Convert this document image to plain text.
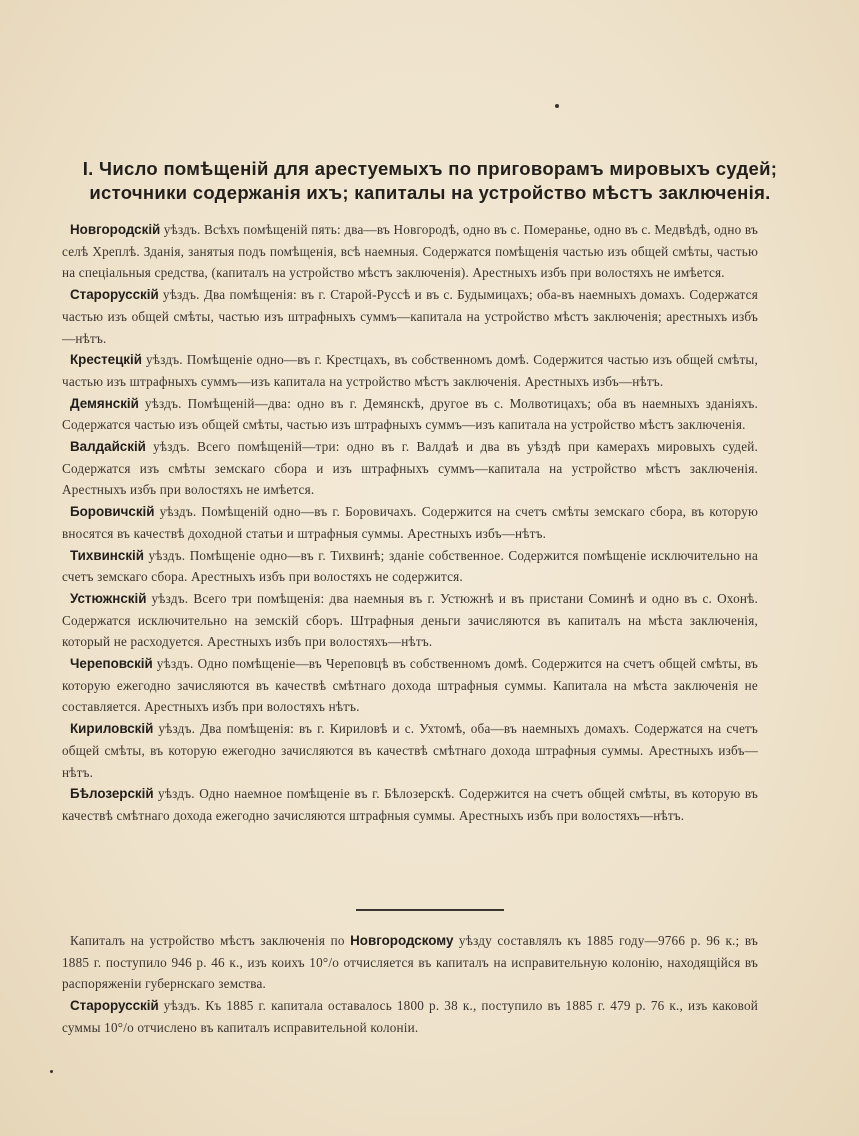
I. Число помѣщеній для арестуемыхъ по приговорамъ мировыхъ судей;
источники содержанія ихъ; капиталы на устройство мѣстъ заключенія.

Новгородскій уѣздъ. Всѣхъ помѣщеній пять: два—въ Новгородѣ, одно въ с. Померанье, одно въ с. Медвѣдѣ, одно въ селѣ Хреплѣ. Зданія, занятыя подъ помѣщенія, всѣ наемныя. Содержатся помѣщенія частью изъ общей смѣты, частью на спеціальныя средства, (капиталъ на устройство мѣстъ заключенія). Арестныхъ избъ при волостяхъ не имѣется.

Старорусскій уѣздъ. Два помѣщенія: въ г. Старой-Руссѣ и въ с. Будымицахъ; оба-въ наемныхъ домахъ. Содержатся частью изъ общей смѣты, частью изъ штрафныхъ суммъ—капитала на устройство мѣстъ заключенія; арестныхъ избъ—нѣтъ.

Крестецкій уѣздъ. Помѣщеніе одно—въ г. Крестцахъ, въ собственномъ домѣ. Содержится частью изъ общей смѣты, частью изъ штрафныхъ суммъ—изъ капитала на устройство мѣстъ заключенія. Арестныхъ избъ—нѣтъ.

Демянскій уѣздъ. Помѣщеній—два: одно въ г. Демянскѣ, другое въ с. Молвотицахъ; оба въ наемныхъ зданіяхъ. Содержатся частью изъ общей смѣты, частью изъ штрафныхъ суммъ—изъ капитала на устройство мѣстъ заключенія.

Валдайскій уѣздъ. Всего помѣщеній—три: одно въ г. Валдаѣ и два въ уѣздѣ при камерахъ мировыхъ судей. Содержатся изъ смѣты земскаго сбора и изъ штрафныхъ суммъ—капитала на устройство мѣстъ заключенія. Арестныхъ избъ при волостяхъ не имѣется.

Боровичскій уѣздъ. Помѣщеній одно—въ г. Боровичахъ. Содержится на счетъ смѣты земскаго сбора, въ которую вносятся въ качествѣ доходной статьи и штрафныя суммы. Арестныхъ избъ—нѣтъ.

Тихвинскій уѣздъ. Помѣщеніе одно—въ г. Тихвинѣ; зданіе собственное. Содержится помѣщеніе исключительно на счетъ земскаго сбора. Арестныхъ избъ при волостяхъ не содержится.

Устюжнскій уѣздъ. Всего три помѣщенія: два наемныя въ г. Устюжнѣ и въ пристани Соминѣ и одно въ с. Охонѣ. Содержатся исключительно на земскій сборъ. Штрафныя деньги зачисляются въ капиталъ на мѣста заключенія, который не расходуется. Арестныхъ избъ при волостяхъ—нѣтъ.

Череповскій уѣздъ. Одно помѣщеніе—въ Череповцѣ въ собственномъ домѣ. Содержится на счетъ общей смѣты, въ которую ежегодно зачисляются въ качествѣ смѣтнаго дохода штрафныя суммы. Капитала на мѣста заключенія не составляется. Арестныхъ избъ при волостяхъ нѣтъ.

Кириловскій уѣздъ. Два помѣщенія: въ г. Кириловѣ и с. Ухтомѣ, оба—въ наемныхъ домахъ. Содержатся на счетъ общей смѣты, въ которую ежегодно зачисляются въ качествѣ смѣтнаго дохода штрафныя суммы. Арестныхъ избъ—нѣтъ.

Бѣлозерскій уѣздъ. Одно наемное помѣщеніе въ г. Бѣлозерскѣ. Содержится на счетъ общей смѣты, въ которую въ качествѣ смѣтнаго дохода ежегодно зачисляются штрафныя суммы. Арестныхъ избъ при волостяхъ—нѣтъ.

Капиталъ на устройство мѣстъ заключенія по Новгородскому уѣзду составлялъ къ 1885 году—9766 р. 96 к.; въ 1885 г. поступило 946 р. 46 к., изъ коихъ 10°/о отчисляется въ капиталъ на исправительную колонію, находящійся въ распоряженіи губернскаго земства.

Старорусскій уѣздъ. Къ 1885 г. капитала оставалось 1800 р. 38 к., поступило въ 1885 г. 479 р. 76 к., изъ каковой суммы 10°/о отчислено въ капиталъ исправительной колоніи.
